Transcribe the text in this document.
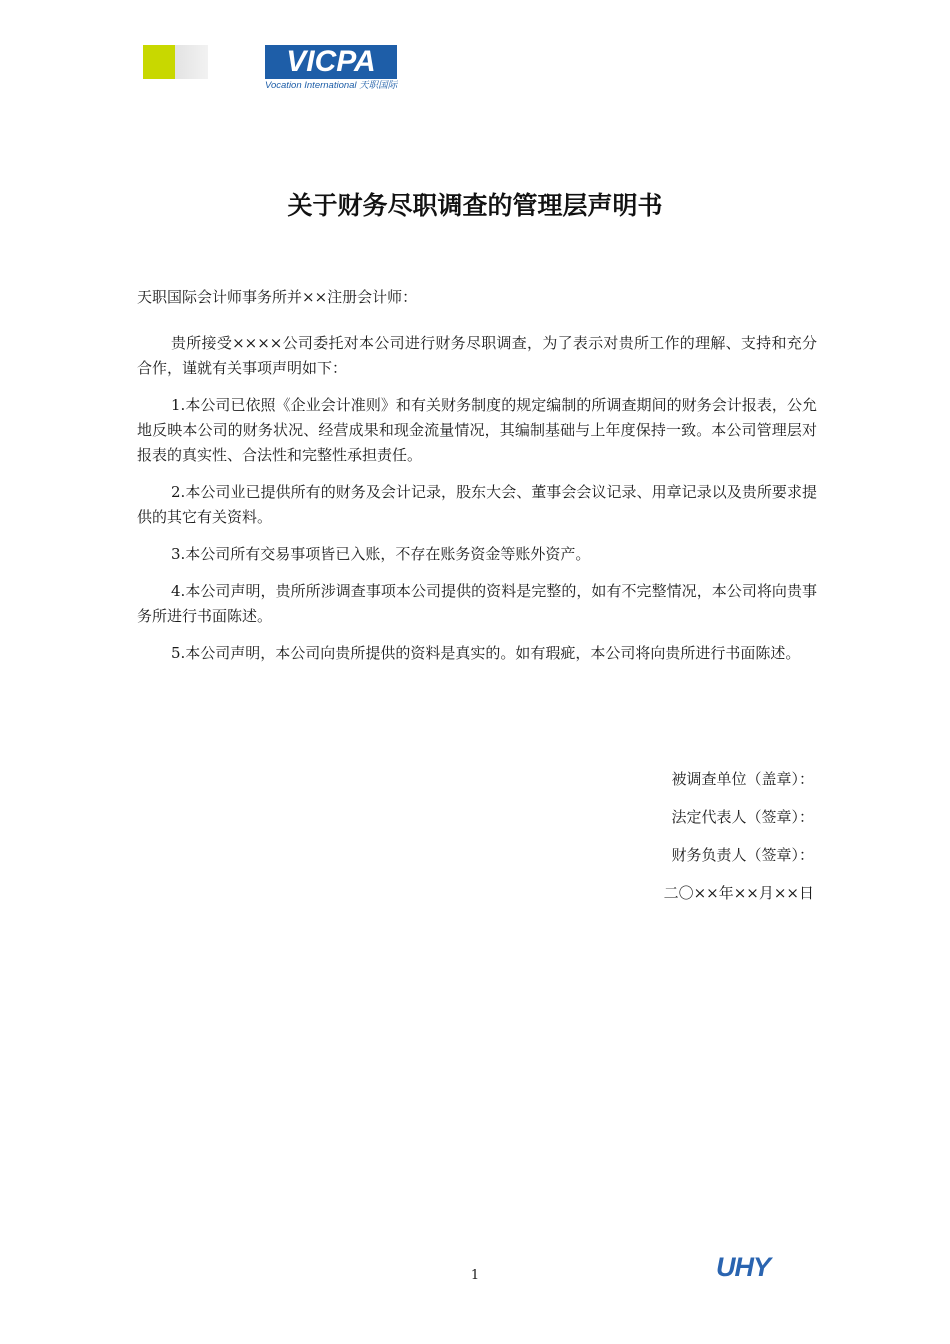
VICPA
Vocation International 天职国际
关于财务尽职调查的管理层声明书
天职国际会计师事务所并××注册会计师：

贵所接受××××公司委托对本公司进行财务尽职调查，为了表示对贵所工作的理解、支持和充分合作，谨就有关事项声明如下：

1.本公司已依照《企业会计准则》和有关财务制度的规定编制的所调查期间的财务会计报表，公允地反映本公司的财务状况、经营成果和现金流量情况，其编制基础与上年度保持一致。本公司管理层对报表的真实性、合法性和完整性承担责任。

2.本公司业已提供所有的财务及会计记录，股东大会、董事会会议记录、用章记录以及贵所要求提供的其它有关资料。

3.本公司所有交易事项皆已入账，不存在账务资金等账外资产。

4.本公司声明，贵所所涉调查事项本公司提供的资料是完整的，如有不完整情况，本公司将向贵事务所进行书面陈述。

5.本公司声明，本公司向贵所提供的资料是真实的。如有瑕疵，本公司将向贵所进行书面陈述。

被调查单位（盖章）：
法定代表人（签章）：
财务负责人（签章）：
二〇××年××月××日
1	UHY
